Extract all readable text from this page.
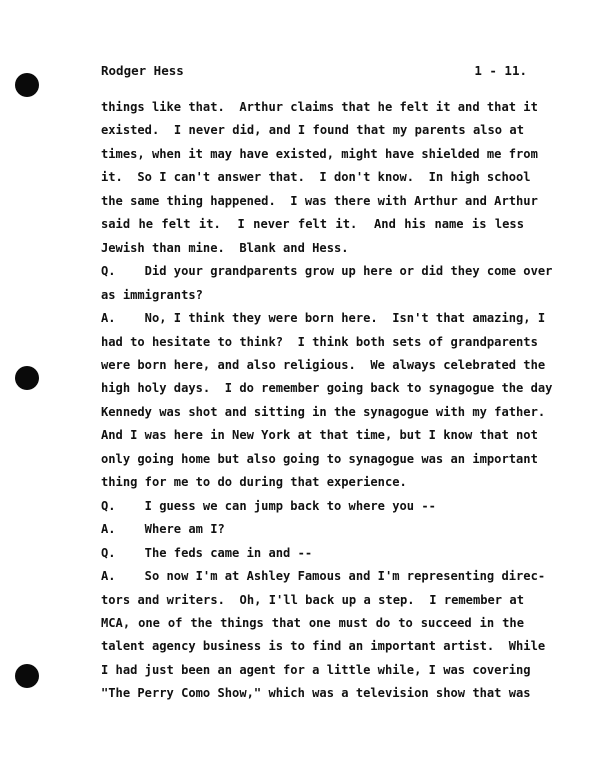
Rodger Hess	1 - 11.
things like that.  Arthur claims that he felt it and that it
existed.  I never did, and I found that my parents also at
times, when it may have existed, might have shielded me from
it.  So I can't answer that.  I don't know.  In high school
the same thing happened.  I was there with Arthur and Arthur
said he felt it.  I never felt it.  And his name is less
Jewish than mine.  Blank and Hess.
Q.    Did your grandparents grow up here or did they come over
as immigrants?
A.    No, I think they were born here.  Isn't that amazing, I
had to hesitate to think?  I think both sets of grandparents
were born here, and also religious.  We always celebrated the
high holy days.  I do remember going back to synagogue the day
Kennedy was shot and sitting in the synagogue with my father.
And I was here in New York at that time, but I know that not
only going home but also going to synagogue was an important
thing for me to do during that experience.
Q.    I guess we can jump back to where you --
A.    Where am I?
Q.    The feds came in and --
A.    So now I'm at Ashley Famous and I'm representing direc-
tors and writers.  Oh, I'll back up a step.  I remember at
MCA, one of the things that one must do to succeed in the
talent agency business is to find an important artist.  While
I had just been an agent for a little while, I was covering
"The Perry Como Show," which was a television show that was
